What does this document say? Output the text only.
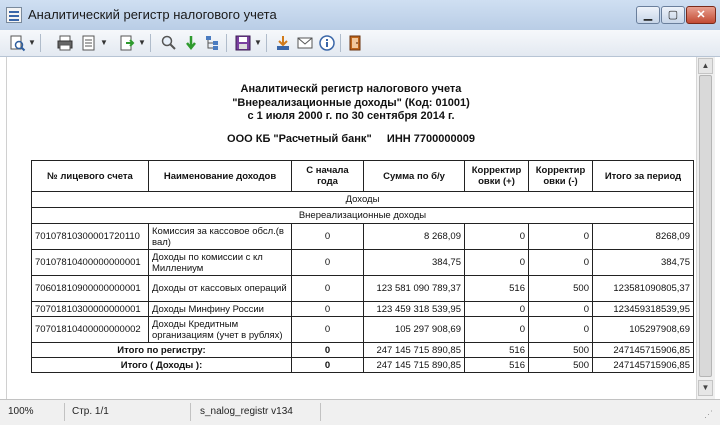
Аналитический регистр налогового учета	▁	▢	✕
▼	▼	▼	▼
Аналитическй регистр налогового учета
"Внереализационные доходы" (Код: 01001)
с 1 июля 2000 г. по 30 сентября 2014 г.
ООО КБ "Расчетный банк"     ИНН 7700000009
№ лицевого счета	Наименование доходов	С начала года	Сумма по б/у	Корректир овки (+)	Корректир овки (-)	Итого за период
Доходы						
Внереализационные доходы						
70107810300001720110	Комиссия за кассовое обсл.(в вал)	0	8 268,09	0	0	8268,09
70107810400000000001	Доходы по комиссии с кл Миллениум	0	384,75	0	0	384,75
70601810900000000001	Доходы от кассовых операций	0	123 581 090 789,37	516	500	123581090805,37
70701810300000000001	Доходы Минфину России	0	123 459 318 539,95	0	0	123459318539,95
70701810400000000002	Доходы Кредитным организациям (учет в рублях)	0	105 297 908,69	0	0	105297908,69
Итого по регистру:		0	247 145 715 890,85	516	500	247145715906,85
Итого ( Доходы ):		0	247 145 715 890,85	516	500	247145715906,85
▲
▼
100%	Стр. 1/1	s_nalog_registr v134	⋰
